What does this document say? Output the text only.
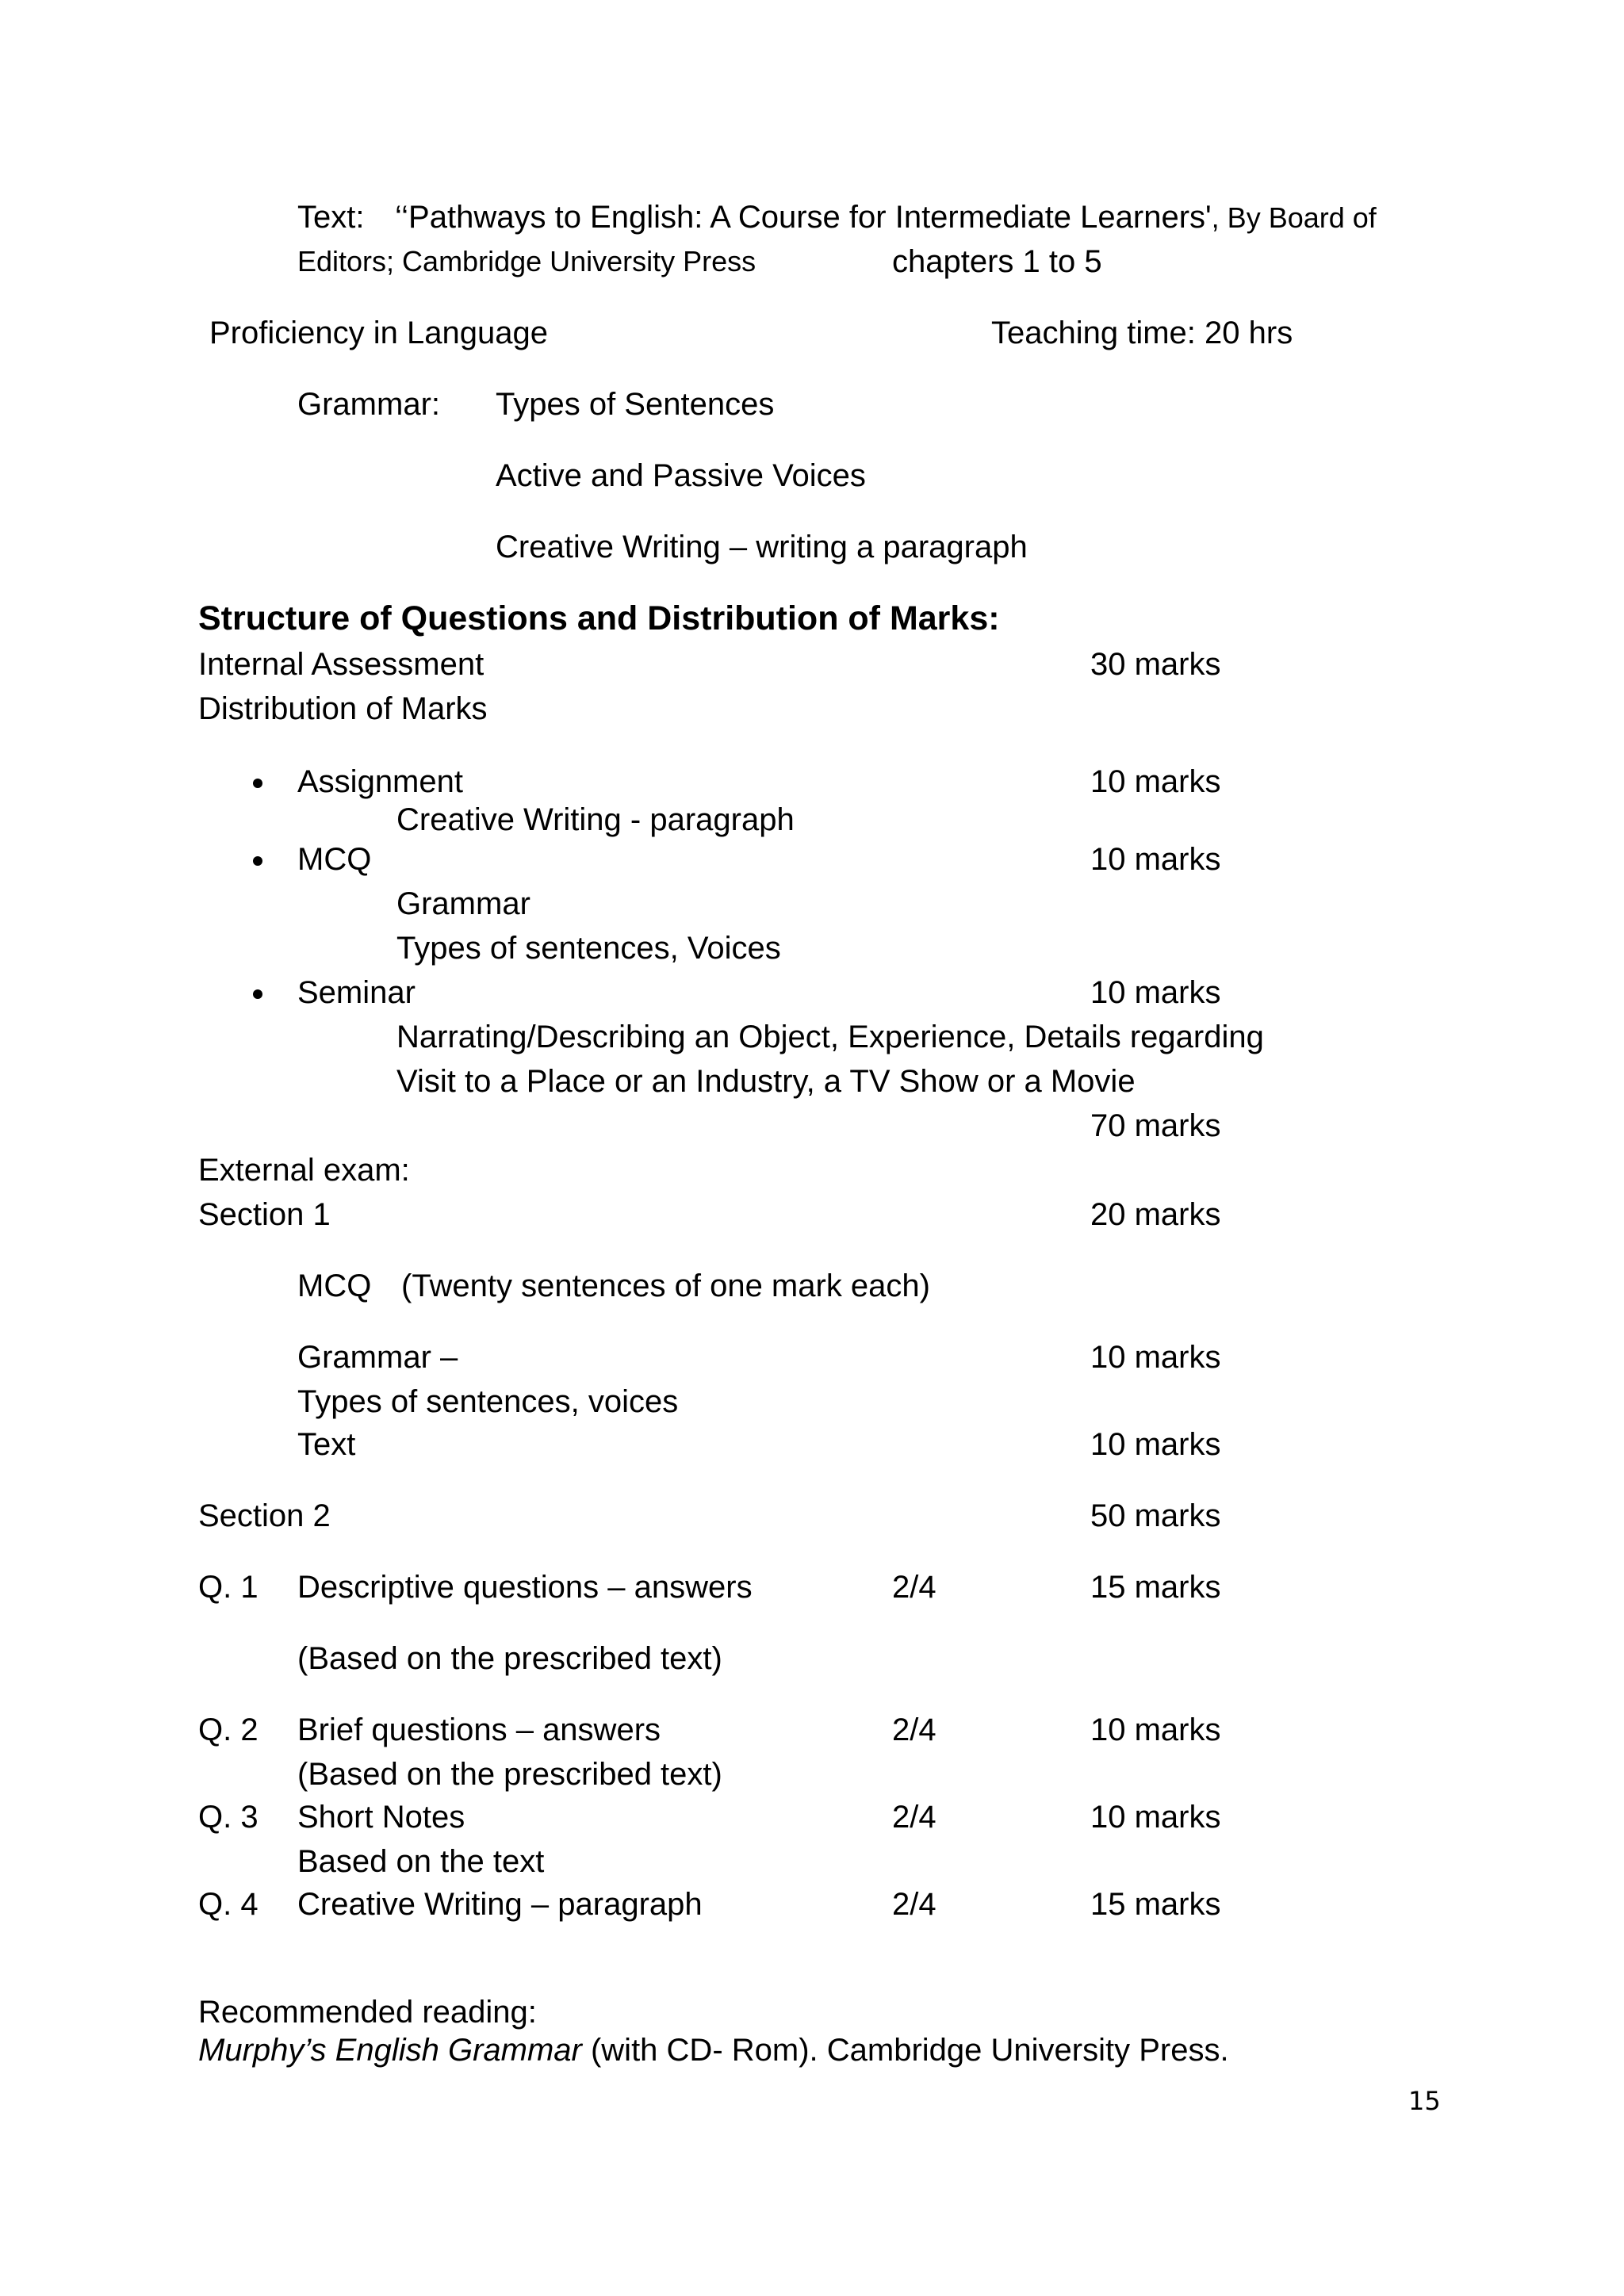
Text: ‘‘Pathways to English: A Course for Intermediate Learners', By Board of
Editors; Cambridge University Press	chapters 1 to 5
Proficiency in Language	Teaching time: 20 hrs
Grammar: Types of Sentences
Active and Passive Voices
Creative Writing – writing a paragraph
Structure of Questions and Distribution of Marks:
Internal Assessment	30 marks
Distribution of Marks
Assignment	10 marks
Creative Writing - paragraph
MCQ	10 marks
Grammar
Types of sentences, Voices
Seminar	10 marks
Narrating/Describing an Object, Experience, Details regarding
Visit to a Place or an Industry, a TV Show or a Movie
70 marks
External exam:
Section 1	20 marks
MCQ (Twenty sentences of one mark each)
Grammar –	10 marks
Types of sentences, voices
Text	10 marks
Section 2	50 marks
Q. 1 Descriptive questions – answers	2/4	15 marks
(Based on the prescribed text)
Q. 2 Brief questions – answers	2/4	10 marks
(Based on the prescribed text)
Q. 3 Short Notes	2/4	10 marks
Based on the text
Q. 4 Creative Writing – paragraph	2/4	15 marks
Recommended reading:
Murphy’s English Grammar (with CD- Rom). Cambridge University Press.
15
